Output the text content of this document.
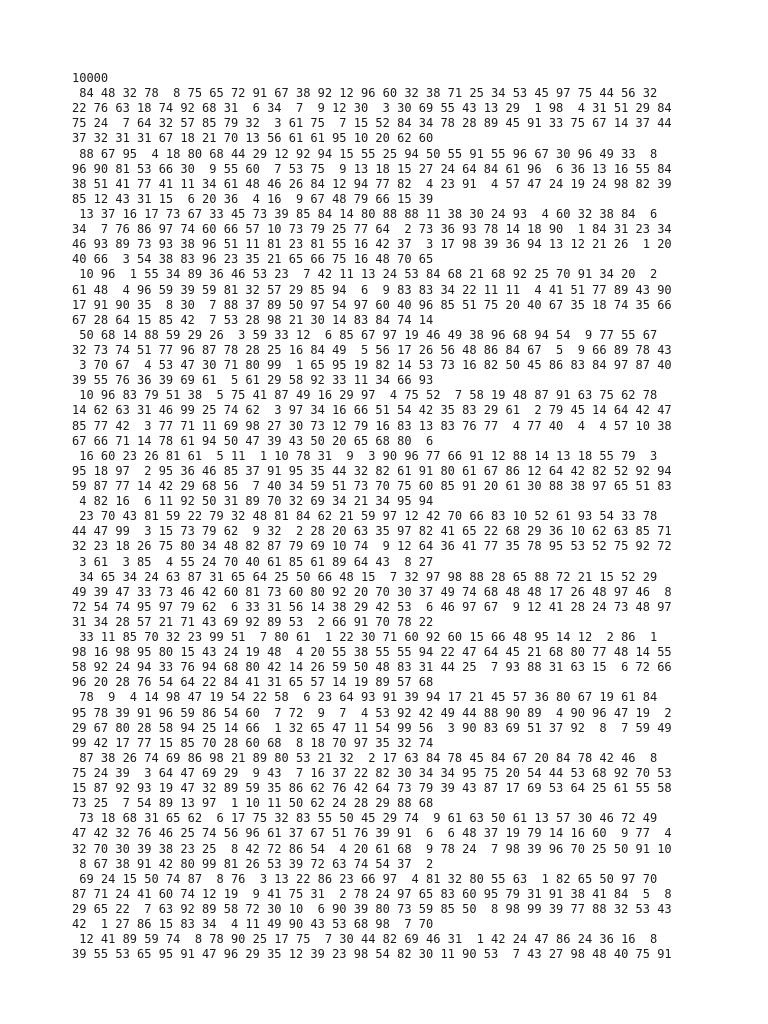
10000
84 48 32 78  8 75 65 72 91 67 38 92 12 96 60 32 38 71 25 34 53 45 97 75 44 56 32
22 76 63 18 74 92 68 31  6 34  7  9 12 30  3 30 69 55 43 13 29  1 98  4 31 51 29 84
75 24  7 64 32 57 85 79 32  3 61 75  7 15 52 84 34 78 28 89 45 91 33 75 67 14 37 44
37 32 31 31 67 18 21 70 13 56 61 61 95 10 20 62 60
88 67 95  4 18 80 68 44 29 12 92 94 15 55 25 94 50 55 91 55 96 67 30 96 49 33  8
96 90 81 53 66 30  9 55 60  7 53 75  9 13 18 15 27 24 64 84 61 96  6 36 13 16 55 84
38 51 41 77 41 11 34 61 48 46 26 84 12 94 77 82  4 23 91  4 57 47 24 19 24 98 82 39
85 12 43 31 15  6 20 36  4 16  9 67 48 79 66 15 39
13 37 16 17 73 67 33 45 73 39 85 84 14 80 88 88 11 38 30 24 93  4 60 32 38 84  6
34  7 76 86 97 74 60 66 57 10 73 79 25 77 64  2 73 36 93 78 14 18 90  1 84 31 23 34
46 93 89 73 93 38 96 51 11 81 23 81 55 16 42 37  3 17 98 39 36 94 13 12 21 26  1 20
40 66  3 54 38 83 96 23 35 21 65 66 75 16 48 70 65
10 96  1 55 34 89 36 46 53 23  7 42 11 13 24 53 84 68 21 68 92 25 70 91 34 20  2
61 48  4 96 59 39 59 81 32 57 29 85 94  6  9 83 83 34 22 11 11  4 41 51 77 89 43 90
17 91 90 35  8 30  7 88 37 89 50 97 54 97 60 40 96 85 51 75 20 40 67 35 18 74 35 66
67 28 64 15 85 42  7 53 28 98 21 30 14 83 84 74 14
50 68 14 88 59 29 26  3 59 33 12  6 85 67 97 19 46 49 38 96 68 94 54  9 77 55 67
32 73 74 51 77 96 87 78 28 25 16 84 49  5 56 17 26 56 48 86 84 67  5  9 66 89 78 43
3 70 67  4 53 47 30 71 80 99  1 65 95 19 82 14 53 73 16 82 50 45 86 83 84 97 87 40
39 55 76 36 39 69 61  5 61 29 58 92 33 11 34 66 93
10 96 83 79 51 38  5 75 41 87 49 16 29 97  4 75 52  7 58 19 48 87 91 63 75 62 78
14 62 63 31 46 99 25 74 62  3 97 34 16 66 51 54 42 35 83 29 61  2 79 45 14 64 42 47
85 77 42  3 77 71 11 69 98 27 30 73 12 79 16 83 13 83 76 77  4 77 40  4  4 57 10 38
67 66 71 14 78 61 94 50 47 39 43 50 20 65 68 80  6
16 60 23 26 81 61  5 11  1 10 78 31  9  3 90 96 77 66 91 12 88 14 13 18 55 79  3
95 18 97  2 95 36 46 85 37 91 95 35 44 32 82 61 91 80 61 67 86 12 64 42 82 52 92 94
59 87 77 14 42 29 68 56  7 40 34 59 51 73 70 75 60 85 91 20 61 30 88 38 97 65 51 83
4 82 16  6 11 92 50 31 89 70 32 69 34 21 34 95 94
23 70 43 81 59 22 79 32 48 81 84 62 21 59 97 12 42 70 66 83 10 52 61 93 54 33 78
44 47 99  3 15 73 79 62  9 32  2 28 20 63 35 97 82 41 65 22 68 29 36 10 62 63 85 71
32 23 18 26 75 80 34 48 82 87 79 69 10 74  9 12 64 36 41 77 35 78 95 53 52 75 92 72
3 61  3 85  4 55 24 70 40 61 85 61 89 64 43  8 27
34 65 34 24 63 87 31 65 64 25 50 66 48 15  7 32 97 98 88 28 65 88 72 21 15 52 29
49 39 47 33 73 46 42 60 81 73 60 80 92 20 70 30 37 49 74 68 48 48 17 26 48 97 46  8
72 54 74 95 97 79 62  6 33 31 56 14 38 29 42 53  6 46 97 67  9 12 41 28 24 73 48 97
31 34 28 57 21 71 43 69 92 89 53  2 66 91 70 78 22
33 11 85 70 32 23 99 51  7 80 61  1 22 30 71 60 92 60 15 66 48 95 14 12  2 86  1
98 16 98 95 80 15 43 24 19 48  4 20 55 38 55 55 94 22 47 64 45 21 68 80 77 48 14 55
58 92 24 94 33 76 94 68 80 42 14 26 59 50 48 83 31 44 25  7 93 88 31 63 15  6 72 66
96 20 28 76 54 64 22 84 41 31 65 57 14 19 89 57 68
78  9  4 14 98 47 19 54 22 58  6 23 64 93 91 39 94 17 21 45 57 36 80 67 19 61 84
95 78 39 91 96 59 86 54 60  7 72  9  7  4 53 92 42 49 44 88 90 89  4 90 96 47 19  2
29 67 80 28 58 94 25 14 66  1 32 65 47 11 54 99 56  3 90 83 69 51 37 92  8  7 59 49
99 42 17 77 15 85 70 28 60 68  8 18 70 97 35 32 74
87 38 26 74 69 86 98 21 89 80 53 21 32  2 17 63 84 78 45 84 67 20 84 78 42 46  8
75 24 39  3 64 47 69 29  9 43  7 16 37 22 82 30 34 34 95 75 20 54 44 53 68 92 70 53
15 87 92 93 19 47 32 89 59 35 86 62 76 42 64 73 79 39 43 87 17 69 53 64 25 61 55 58
73 25  7 54 89 13 97  1 10 11 50 62 24 28 29 88 68
73 18 68 31 65 62  6 17 75 32 83 55 50 45 29 74  9 61 63 50 61 13 57 30 46 72 49
47 42 32 76 46 25 74 56 96 61 37 67 51 76 39 91  6  6 48 37 19 79 14 16 60  9 77  4
32 70 30 39 38 23 25  8 42 72 86 54  4 20 61 68  9 78 24  7 98 39 96 70 25 50 91 10
8 67 38 91 42 80 99 81 26 53 39 72 63 74 54 37  2
69 24 15 50 74 87  8 76  3 13 22 86 23 66 97  4 81 32 80 55 63  1 82 65 50 97 70
87 71 24 41 60 74 12 19  9 41 75 31  2 78 24 97 65 83 60 95 79 31 91 38 41 84  5  8
29 65 22  7 63 92 89 58 72 30 10  6 90 39 80 73 59 85 50  8 98 99 39 77 88 32 53 43
42  1 27 86 15 83 34  4 11 49 90 43 53 68 98  7 70
12 41 89 59 74  8 78 90 25 17 75  7 30 44 82 69 46 31  1 42 24 47 86 24 36 16  8
39 55 53 65 95 91 47 96 29 35 12 39 23 98 54 82 30 11 90 53  7 43 27 98 48 40 75 91
